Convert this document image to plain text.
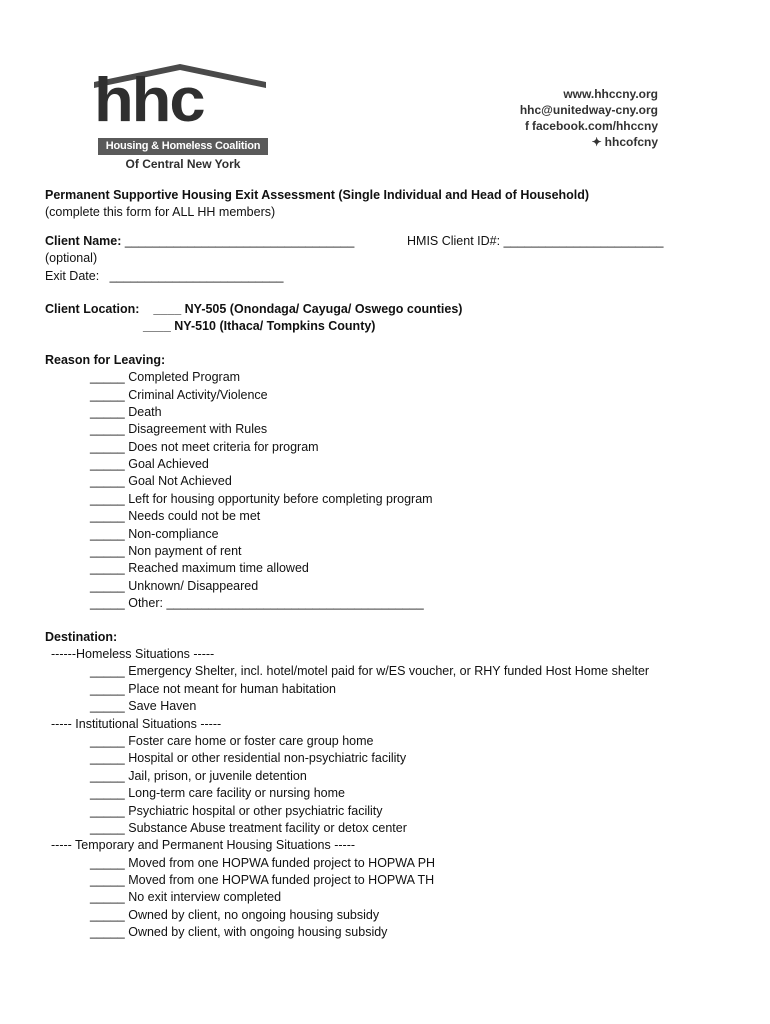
hhc
Housing & Homeless Coalition
Of Central New York
www.hhccny.org
hhc@unitedway-cny.org
f facebook.com/hhccny
✦ hhcofcny
Permanent Supportive Housing Exit Assessment (Single Individual and Head of Household)
(complete this form for ALL HH members)
Client Name: _________________________________	HMIS Client ID#: _______________________
(optional)
Exit Date: _________________________
Client Location: ____ NY-505 (Onondaga/ Cayuga/ Oswego counties)
____ NY-510 (Ithaca/ Tompkins County)
Reason for Leaving:
_____ Completed Program
_____ Criminal Activity/Violence
_____ Death
_____ Disagreement with Rules
_____ Does not meet criteria for program
_____ Goal Achieved
_____ Goal Not Achieved
_____ Left for housing opportunity before completing program
_____ Needs could not be met
_____ Non-compliance
_____ Non payment of rent
_____ Reached maximum time allowed
_____ Unknown/ Disappeared
_____ Other: _____________________________________
Destination:
------Homeless Situations -----
_____ Emergency Shelter, incl. hotel/motel paid for w/ES voucher, or RHY funded Host Home shelter
_____ Place not meant for human habitation
_____ Save Haven
----- Institutional Situations -----
_____ Foster care home or foster care group home
_____ Hospital or other residential non-psychiatric facility
_____ Jail, prison, or juvenile detention
_____ Long-term care facility or nursing home
_____ Psychiatric hospital or other psychiatric facility
_____ Substance Abuse treatment facility or detox center
----- Temporary and Permanent Housing Situations -----
_____ Moved from one HOPWA funded project to HOPWA PH
_____ Moved from one HOPWA funded project to HOPWA TH
_____ No exit interview completed
_____ Owned by client, no ongoing housing subsidy
_____ Owned by client, with ongoing housing subsidy
